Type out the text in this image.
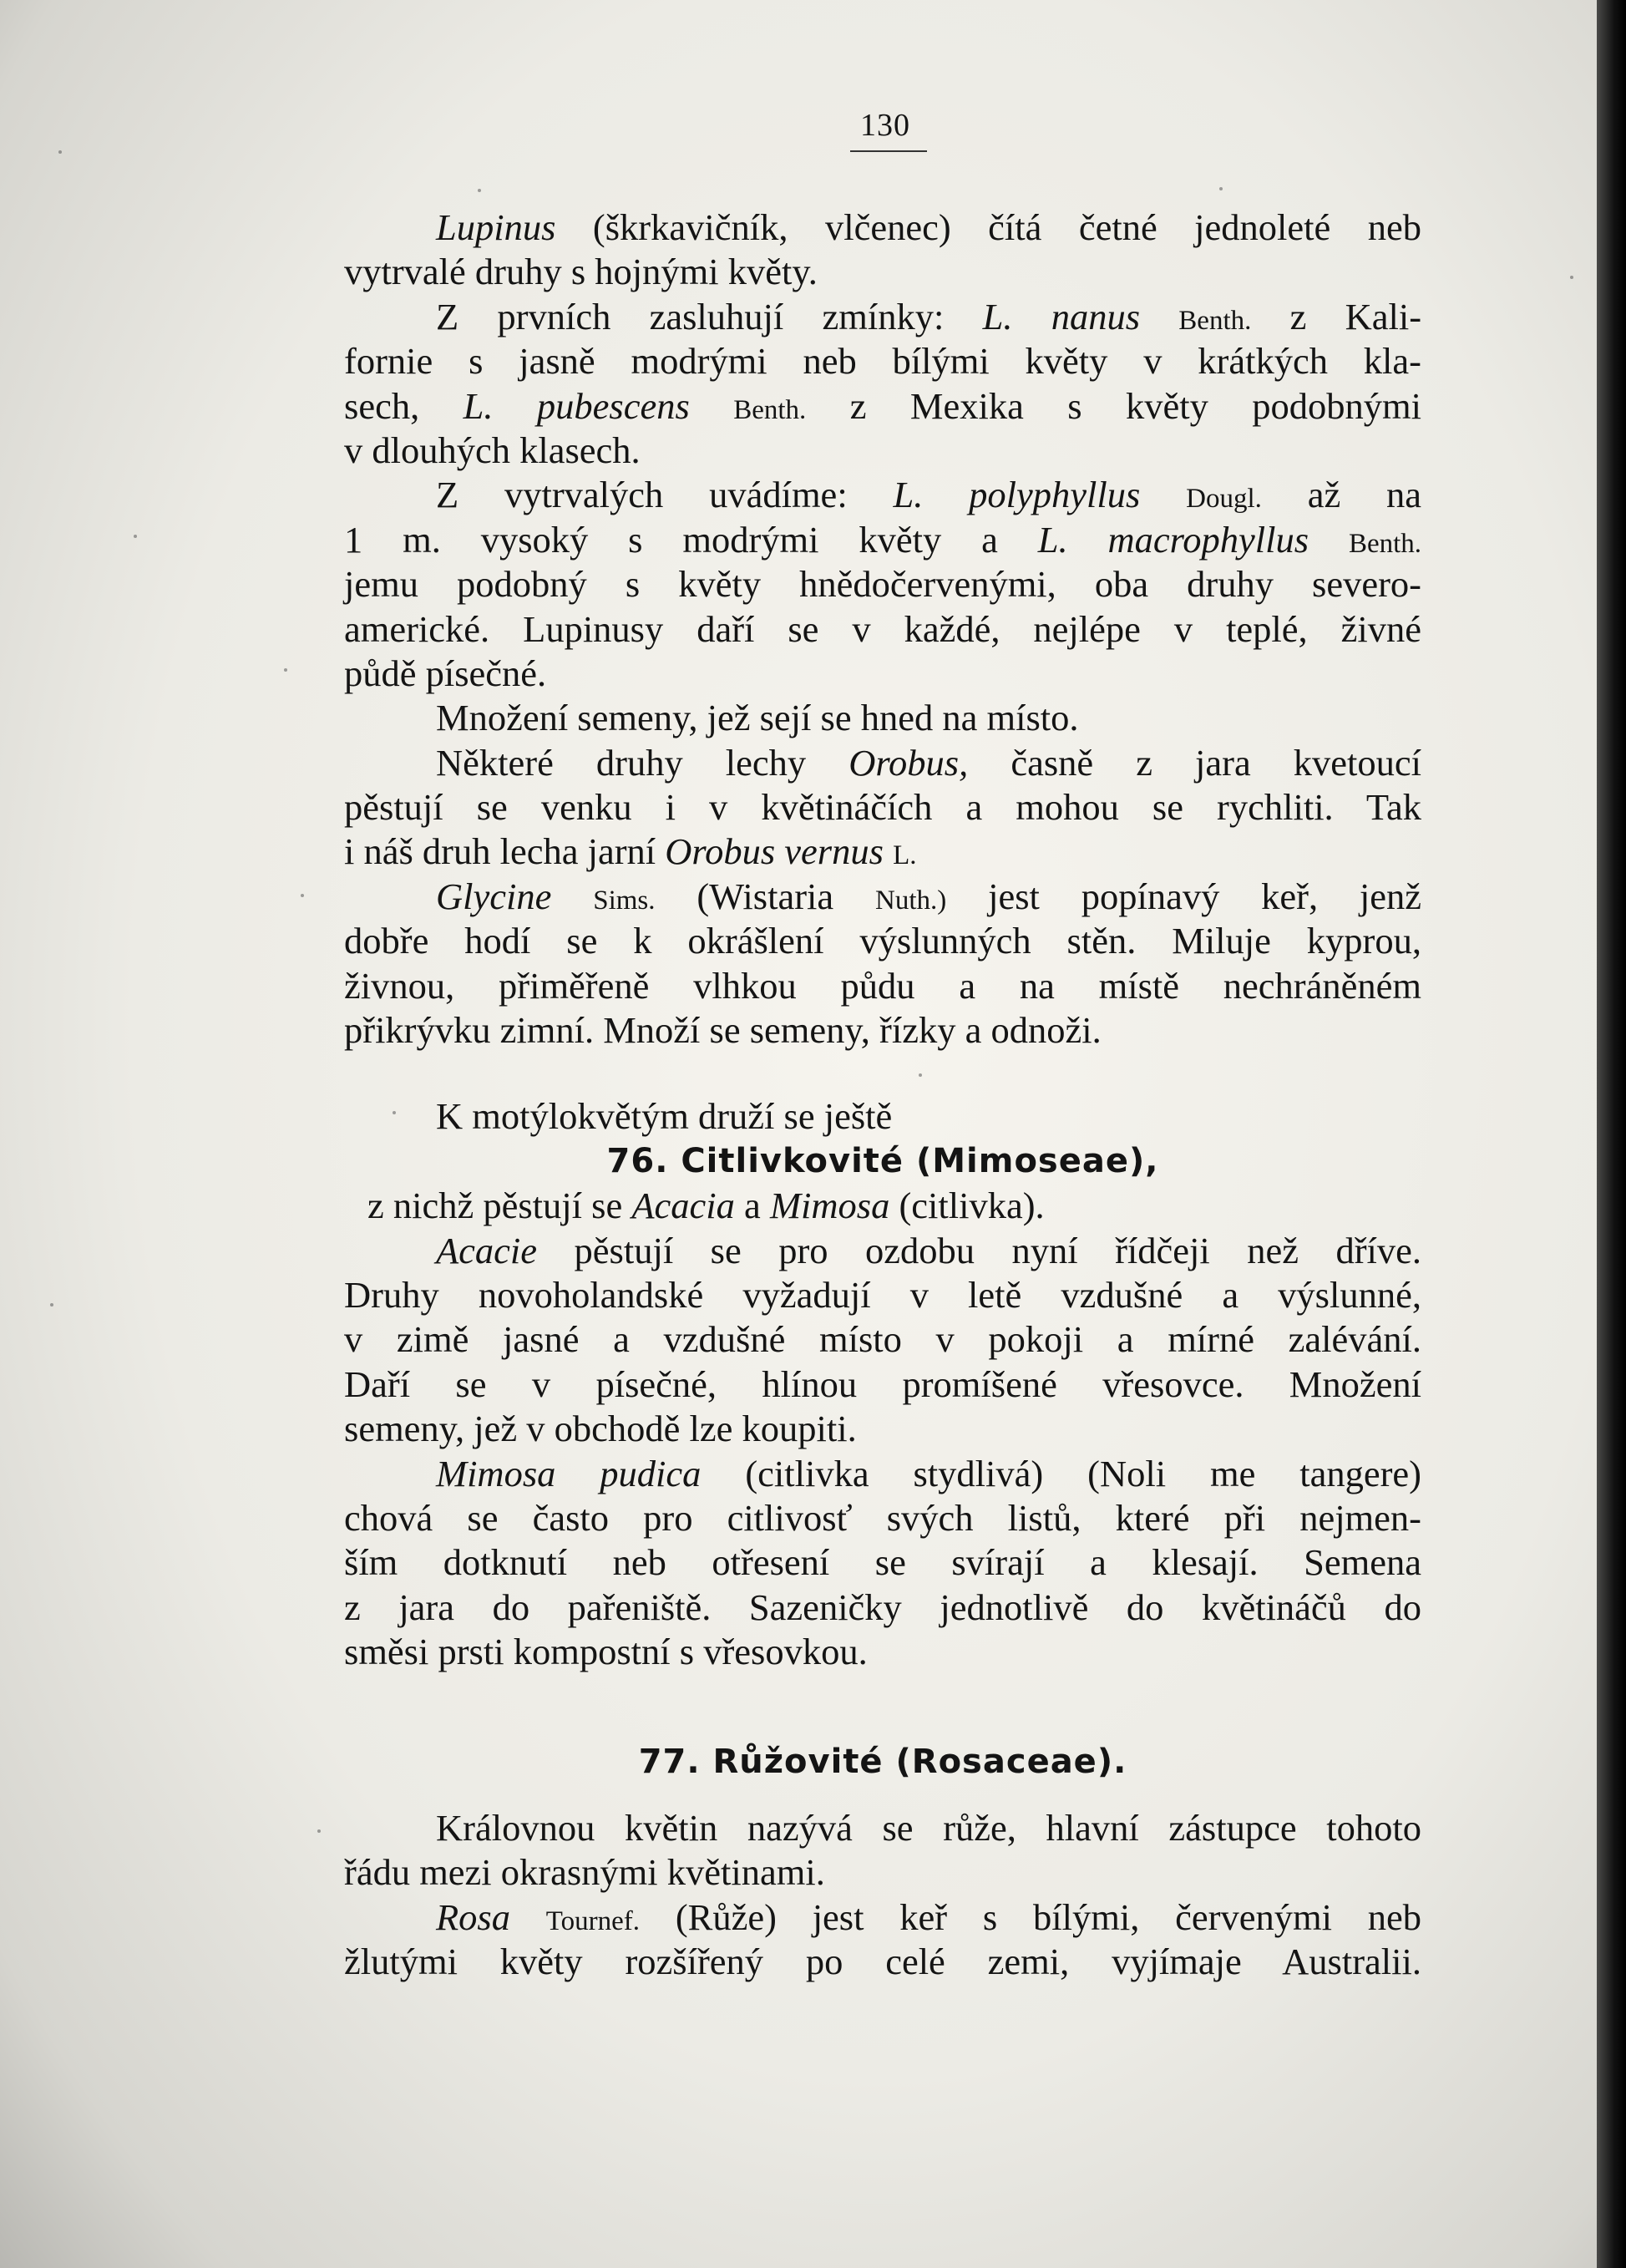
130
Lupinus (škrkavičník, vlčenec) čítá četné jednoleté neb
vytrvalé druhy s hojnými květy.
Z prvních zasluhují zmínky: L. nanus Benth. z Kali-
fornie s jasně modrými neb bílými květy v krátkých kla-
sech, L. pubescens Benth. z Mexika s květy podobnými
v dlouhých klasech.
Z vytrvalých uvádíme: L. polyphyllus Dougl. až na
1 m. vysoký s modrými květy a L. macrophyllus Benth.
jemu podobný s květy hnědočervenými, oba druhy severo-
americké. Lupinusy daří se v každé, nejlépe v teplé, živné
půdě písečné.
Množení semeny, jež sejí se hned na místo.
Některé druhy lechy Orobus, časně z jara kvetoucí
pěstují se venku i v květináčích a mohou se rychliti. Tak
i náš druh lecha jarní Orobus vernus L.
Glycine Sims. (Wistaria Nuth.) jest popínavý keř, jenž
dobře hodí se k okrášlení výslunných stěn. Miluje kyprou,
živnou, přiměřeně vlhkou půdu a na místě nechráněném
přikrývku zimní. Množí se semeny, řízky a odnoži.
K motýlokvětým druží se ještě
76. Citlivkovité (Mimoseae),
z nichž pěstují se Acacia a Mimosa (citlivka).
Acacie pěstují se pro ozdobu nyní řídčeji než dříve.
Druhy novoholandské vyžadují v letě vzdušné a výslunné,
v zimě jasné a vzdušné místo v pokoji a mírné zalévání.
Daří se v písečné, hlínou promíšené vřesovce. Množení
semeny, jež v obchodě lze koupiti.
Mimosa pudica (citlivka stydlivá) (Noli me tangere)
chová se často pro citlivosť svých listů, které při nejmen-
ším dotknutí neb otřesení se svírají a klesají. Semena
z jara do pařeniště. Sazeničky jednotlivě do květináčů do
směsi prsti kompostní s vřesovkou.
77. Růžovité (Rosaceae).
Královnou květin nazývá se růže, hlavní zástupce tohoto
řádu mezi okrasnými květinami.
Rosa Tournef. (Růže) jest keř s bílými, červenými neb
žlutými květy rozšířený po celé zemi, vyjímaje Australii.
